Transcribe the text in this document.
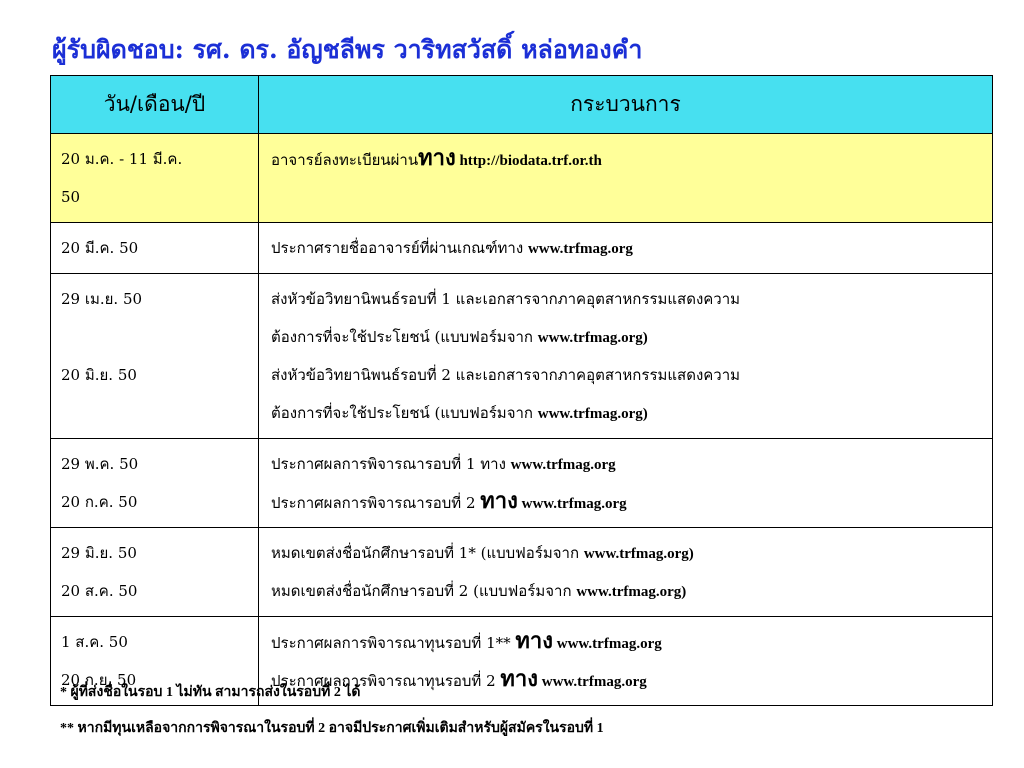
ผู้รับผิดชอบ: รศ. ดร. อัญชลีพร วาริทสวัสดิ์ หล่อทองคำ
วัน/เดือน/ปี	กระบวนการ

20 ม.ค. - 11 มี.ค.
50	อาจารย์ลงทะเบียนผ่านทาง http://biodata.trf.or.th

20 มี.ค. 50	ประกาศรายชื่ออาจารย์ที่ผ่านเกณฑ์ทาง www.trfmag.org

29 เม.ย. 50
20 มิ.ย. 50	ส่งหัวข้อวิทยานิพนธ์รอบที่ 1 และเอกสารจากภาคอุตสาหกรรมแสดงความ
ต้องการที่จะใช้ประโยชน์ (แบบฟอร์มจาก www.trfmag.org)
ส่งหัวข้อวิทยานิพนธ์รอบที่ 2 และเอกสารจากภาคอุตสาหกรรมแสดงความ
ต้องการที่จะใช้ประโยชน์ (แบบฟอร์มจาก www.trfmag.org)

29 พ.ค. 50
20 ก.ค. 50	ประกาศผลการพิจารณารอบที่ 1 ทาง www.trfmag.org
ประกาศผลการพิจารณารอบที่ 2 ทาง www.trfmag.org

29 มิ.ย. 50
20 ส.ค. 50	หมดเขตส่งชื่อนักศึกษารอบที่ 1* (แบบฟอร์มจาก www.trfmag.org)
หมดเขตส่งชื่อนักศึกษารอบที่ 2 (แบบฟอร์มจาก www.trfmag.org)

1 ส.ค. 50
20 ก.ย. 50	ประกาศผลการพิจารณาทุนรอบที่ 1** ทาง www.trfmag.org
ประกาศผลการพิจารณาทุนรอบที่ 2 ทาง www.trfmag.org
* ผู้ที่ส่งชื่อในรอบ 1 ไม่ทัน สามารถส่งในรอบที่ 2 ได้
** หากมีทุนเหลือจากการพิจารณาในรอบที่ 2 อาจมีประกาศเพิ่มเติมสำหรับผู้สมัครในรอบที่ 1
